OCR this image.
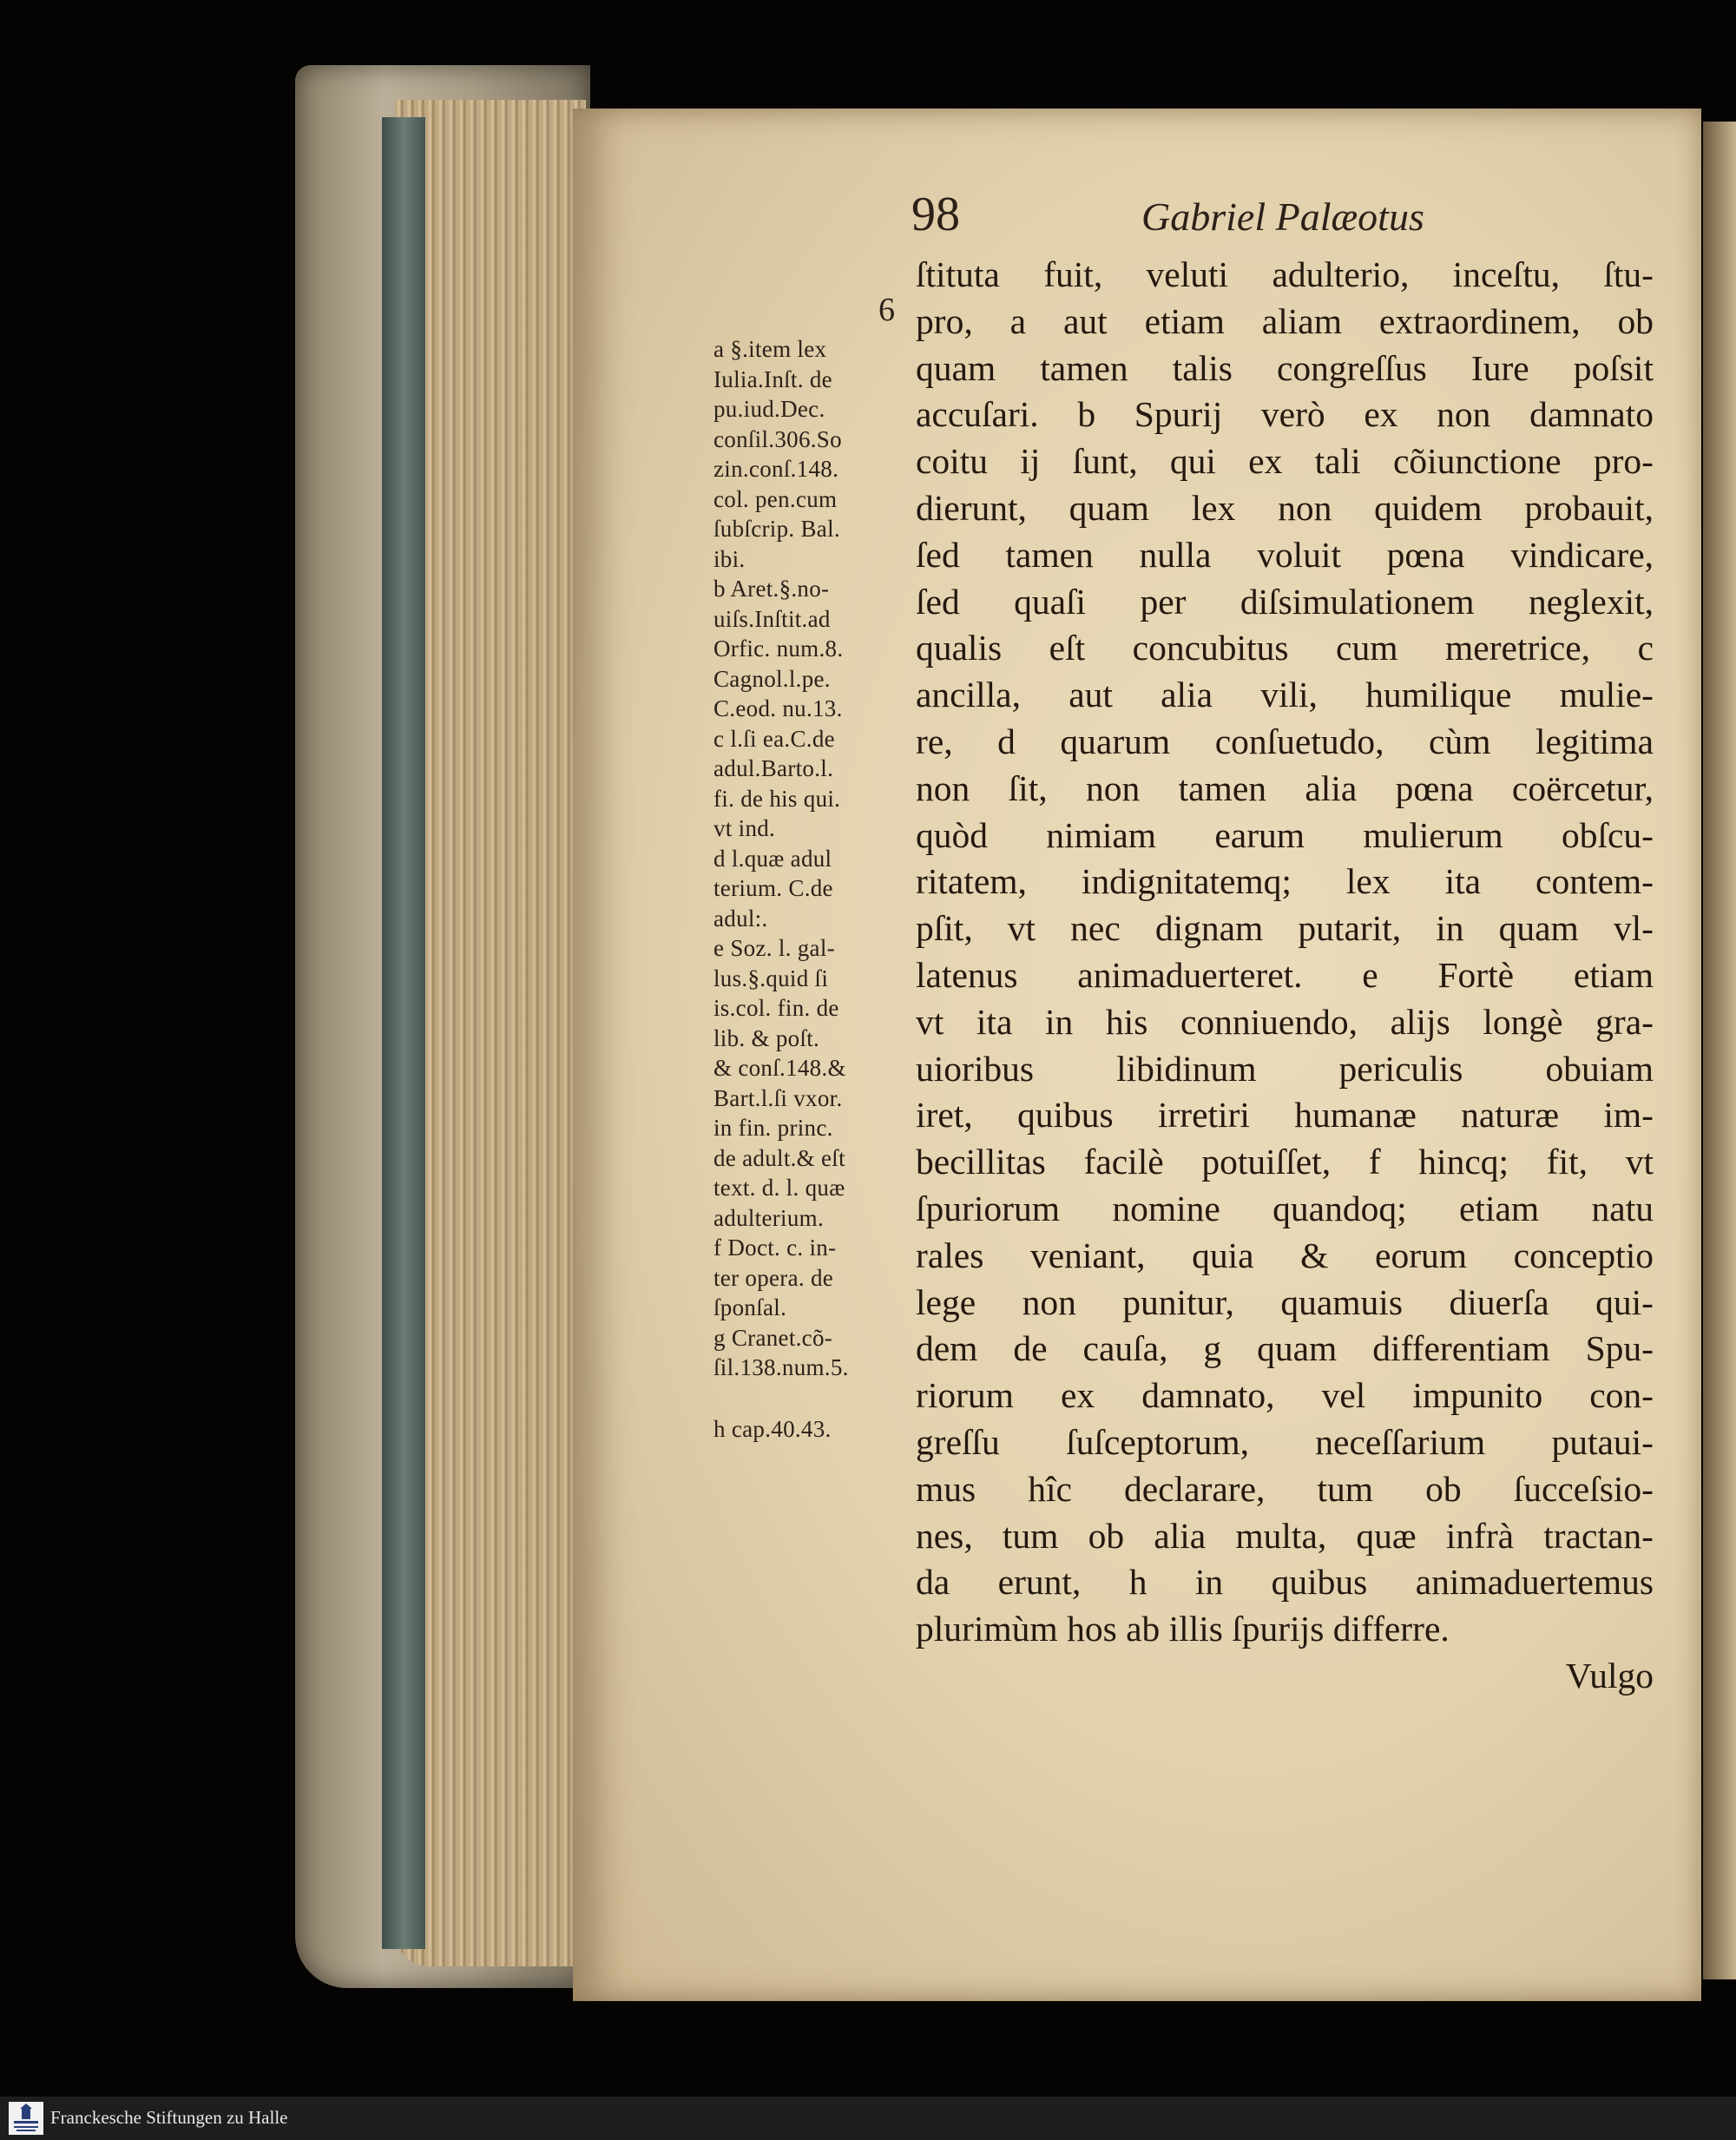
98	Gabriel Palæotus
6
a §.item lex
Iulia.Inſt. de
pu.iud.Dec.
conſil.306.So
zin.conſ.148.
col. pen.cum
ſubſcrip. Bal.
ibi.
b Aret.§.no-
uiſs.Inſtit.ad
Orfic. num.8.
Cagnol.l.pe.
C.eod. nu.13.
c l.ſi ea.C.de
adul.Barto.l.
fi. de his qui.
vt ind.
d l.quæ adul
terium. C.de
adul:.
e Soz. l. gal-
lus.§.quid ſi
is.col. fin. de
lib. & poſt.
& conſ.148.&
Bart.l.ſi vxor.
in fin. princ.
de adult.& eſt
text. d. l. quæ
adulterium.
f Doct. c. in-
ter opera. de
ſponſal.
g Cranet.cõ-
ſil.138.num.5.
h cap.40.43.
ſtituta fuit, veluti adulterio, inceſtu, ſtu-
pro, a aut etiam aliam extraordinem, ob
quam tamen talis congreſſus Iure poſsit
accuſari. b Spurij verò ex non damnato
coitu ij ſunt, qui ex tali cõiunctione pro-
dierunt, quam lex non quidem probauit,
ſed tamen nulla voluit pœna vindicare,
ſed quaſi per diſsimulationem neglexit,
qualis eſt concubitus cum meretrice, c
ancilla, aut alia vili, humilique mulie-
re, d quarum conſuetudo, cùm legitima
non ſit, non tamen alia pœna coërcetur,
quòd nimiam earum mulierum obſcu-
ritatem, indignitatemq; lex ita contem-
pſit, vt nec dignam putarit, in quam vl-
latenus animaduerteret. e Fortè etiam
vt ita in his conniuendo, alijs longè gra-
uioribus libidinum periculis obuiam
iret, quibus irretiri humanæ naturæ im-
becillitas facilè potuiſſet, f hincq; fit, vt
ſpuriorum nomine quandoq; etiam natu
rales veniant, quia & eorum conceptio
lege non punitur, quamuis diuerſa qui-
dem de cauſa, g quam differentiam Spu-
riorum ex damnato, vel impunito con-
greſſu ſuſceptorum, neceſſarium putaui-
mus hîc declarare, tum ob ſucceſsio-
nes, tum ob alia multa, quæ infrà tractan-
da erunt, h in quibus animaduertemus
plurimùm hos ab illis ſpurijs differre.
Vulgo
Franckesche Stiftungen zu Halle
